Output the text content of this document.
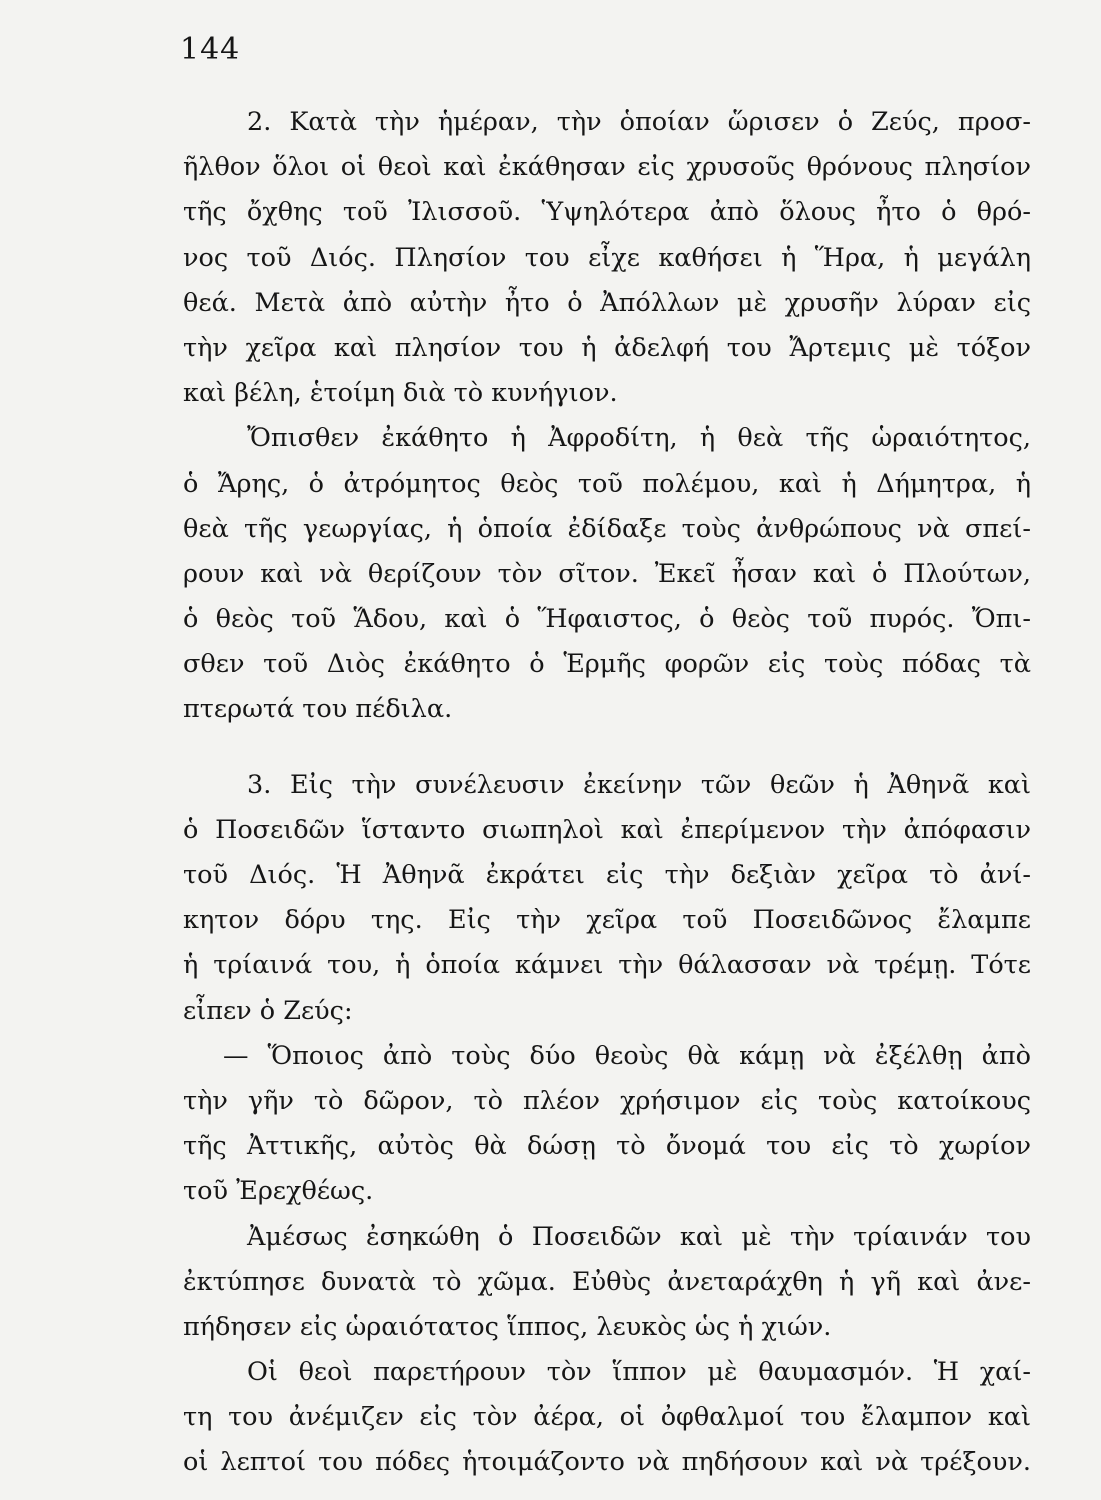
144
2. Κατὰ τὴν ἡμέραν, τὴν ὁποίαν ὥρισεν ὁ Ζεύς, προσ-
ῆλθον ὅλοι οἱ θεοὶ καὶ ἐκάθησαν εἰς χρυσοῦς θρόνους πλησίον
τῆς ὄχθης τοῦ Ἰλισσοῦ. Ὑψηλότερα ἀπὸ ὅλους ἦτο ὁ θρό-
νος τοῦ Διός. Πλησίον του εἶχε καθήσει ἡ Ἥρα, ἡ μεγάλη
θεά. Μετὰ ἀπὸ αὐτὴν ἦτο ὁ Ἀπόλλων μὲ χρυσῆν λύραν εἰς
τὴν χεῖρα καὶ πλησίον του ἡ ἀδελφή του Ἄρτεμις μὲ τόξον
καὶ βέλη, ἑτοίμη διὰ τὸ κυνήγιον.
Ὄπισθεν ἐκάθητο ἡ Ἀφροδίτη, ἡ θεὰ τῆς ὡραιότητος,
ὁ Ἄρης, ὁ ἀτρόμητος θεὸς τοῦ πολέμου, καὶ ἡ Δήμητρα, ἡ
θεὰ τῆς γεωργίας, ἡ ὁποία ἐδίδαξε τοὺς ἀνθρώπους νὰ σπεί-
ρουν καὶ νὰ θερίζουν τὸν σῖτον. Ἐκεῖ ἦσαν καὶ ὁ Πλούτων,
ὁ θεὸς τοῦ Ἅδου, καὶ ὁ Ἥφαιστος, ὁ θεὸς τοῦ πυρός. Ὄπι-
σθεν τοῦ Διὸς ἐκάθητο ὁ Ἑρμῆς φορῶν εἰς τοὺς πόδας τὰ
πτερωτά του πέδιλα.
3. Εἰς τὴν συνέλευσιν ἐκείνην τῶν θεῶν ἡ Ἀθηνᾶ καὶ
ὁ Ποσειδῶν ἵσταντο σιωπηλοὶ καὶ ἐπερίμενον τὴν ἀπόφασιν
τοῦ Διός. Ἡ Ἀθηνᾶ ἐκράτει εἰς τὴν δεξιὰν χεῖρα τὸ ἀνί-
κητον δόρυ της. Εἰς τὴν χεῖρα τοῦ Ποσειδῶνος ἔλαμπε
ἡ τρίαινά του, ἡ ὁποία κάμνει τὴν θάλασσαν νὰ τρέμῃ. Τότε
εἶπεν ὁ Ζεύς:
— Ὅποιος ἀπὸ τοὺς δύο θεοὺς θὰ κάμῃ νὰ ἐξέλθῃ ἀπὸ
τὴν γῆν τὸ δῶρον, τὸ πλέον χρήσιμον εἰς τοὺς κατοίκους
τῆς Ἀττικῆς, αὐτὸς θὰ δώσῃ τὸ ὄνομά του εἰς τὸ χωρίον
τοῦ Ἐρεχθέως.
Ἀμέσως ἐσηκώθη ὁ Ποσειδῶν καὶ μὲ τὴν τρίαινάν του
ἐκτύπησε δυνατὰ τὸ χῶμα. Εὐθὺς ἀνεταράχθη ἡ γῆ καὶ ἀνε-
πήδησεν εἰς ὡραιότατος ἵππος, λευκὸς ὡς ἡ χιών.
Οἱ θεοὶ παρετήρουν τὸν ἵππον μὲ θαυμασμόν. Ἡ χαί-
τη του ἀνέμιζεν εἰς τὸν ἀέρα, οἱ ὀφθαλμοί του ἔλαμπον καὶ
οἱ λεπτοί του πόδες ἡτοιμάζοντο νὰ πηδήσουν καὶ νὰ τρέξουν.
